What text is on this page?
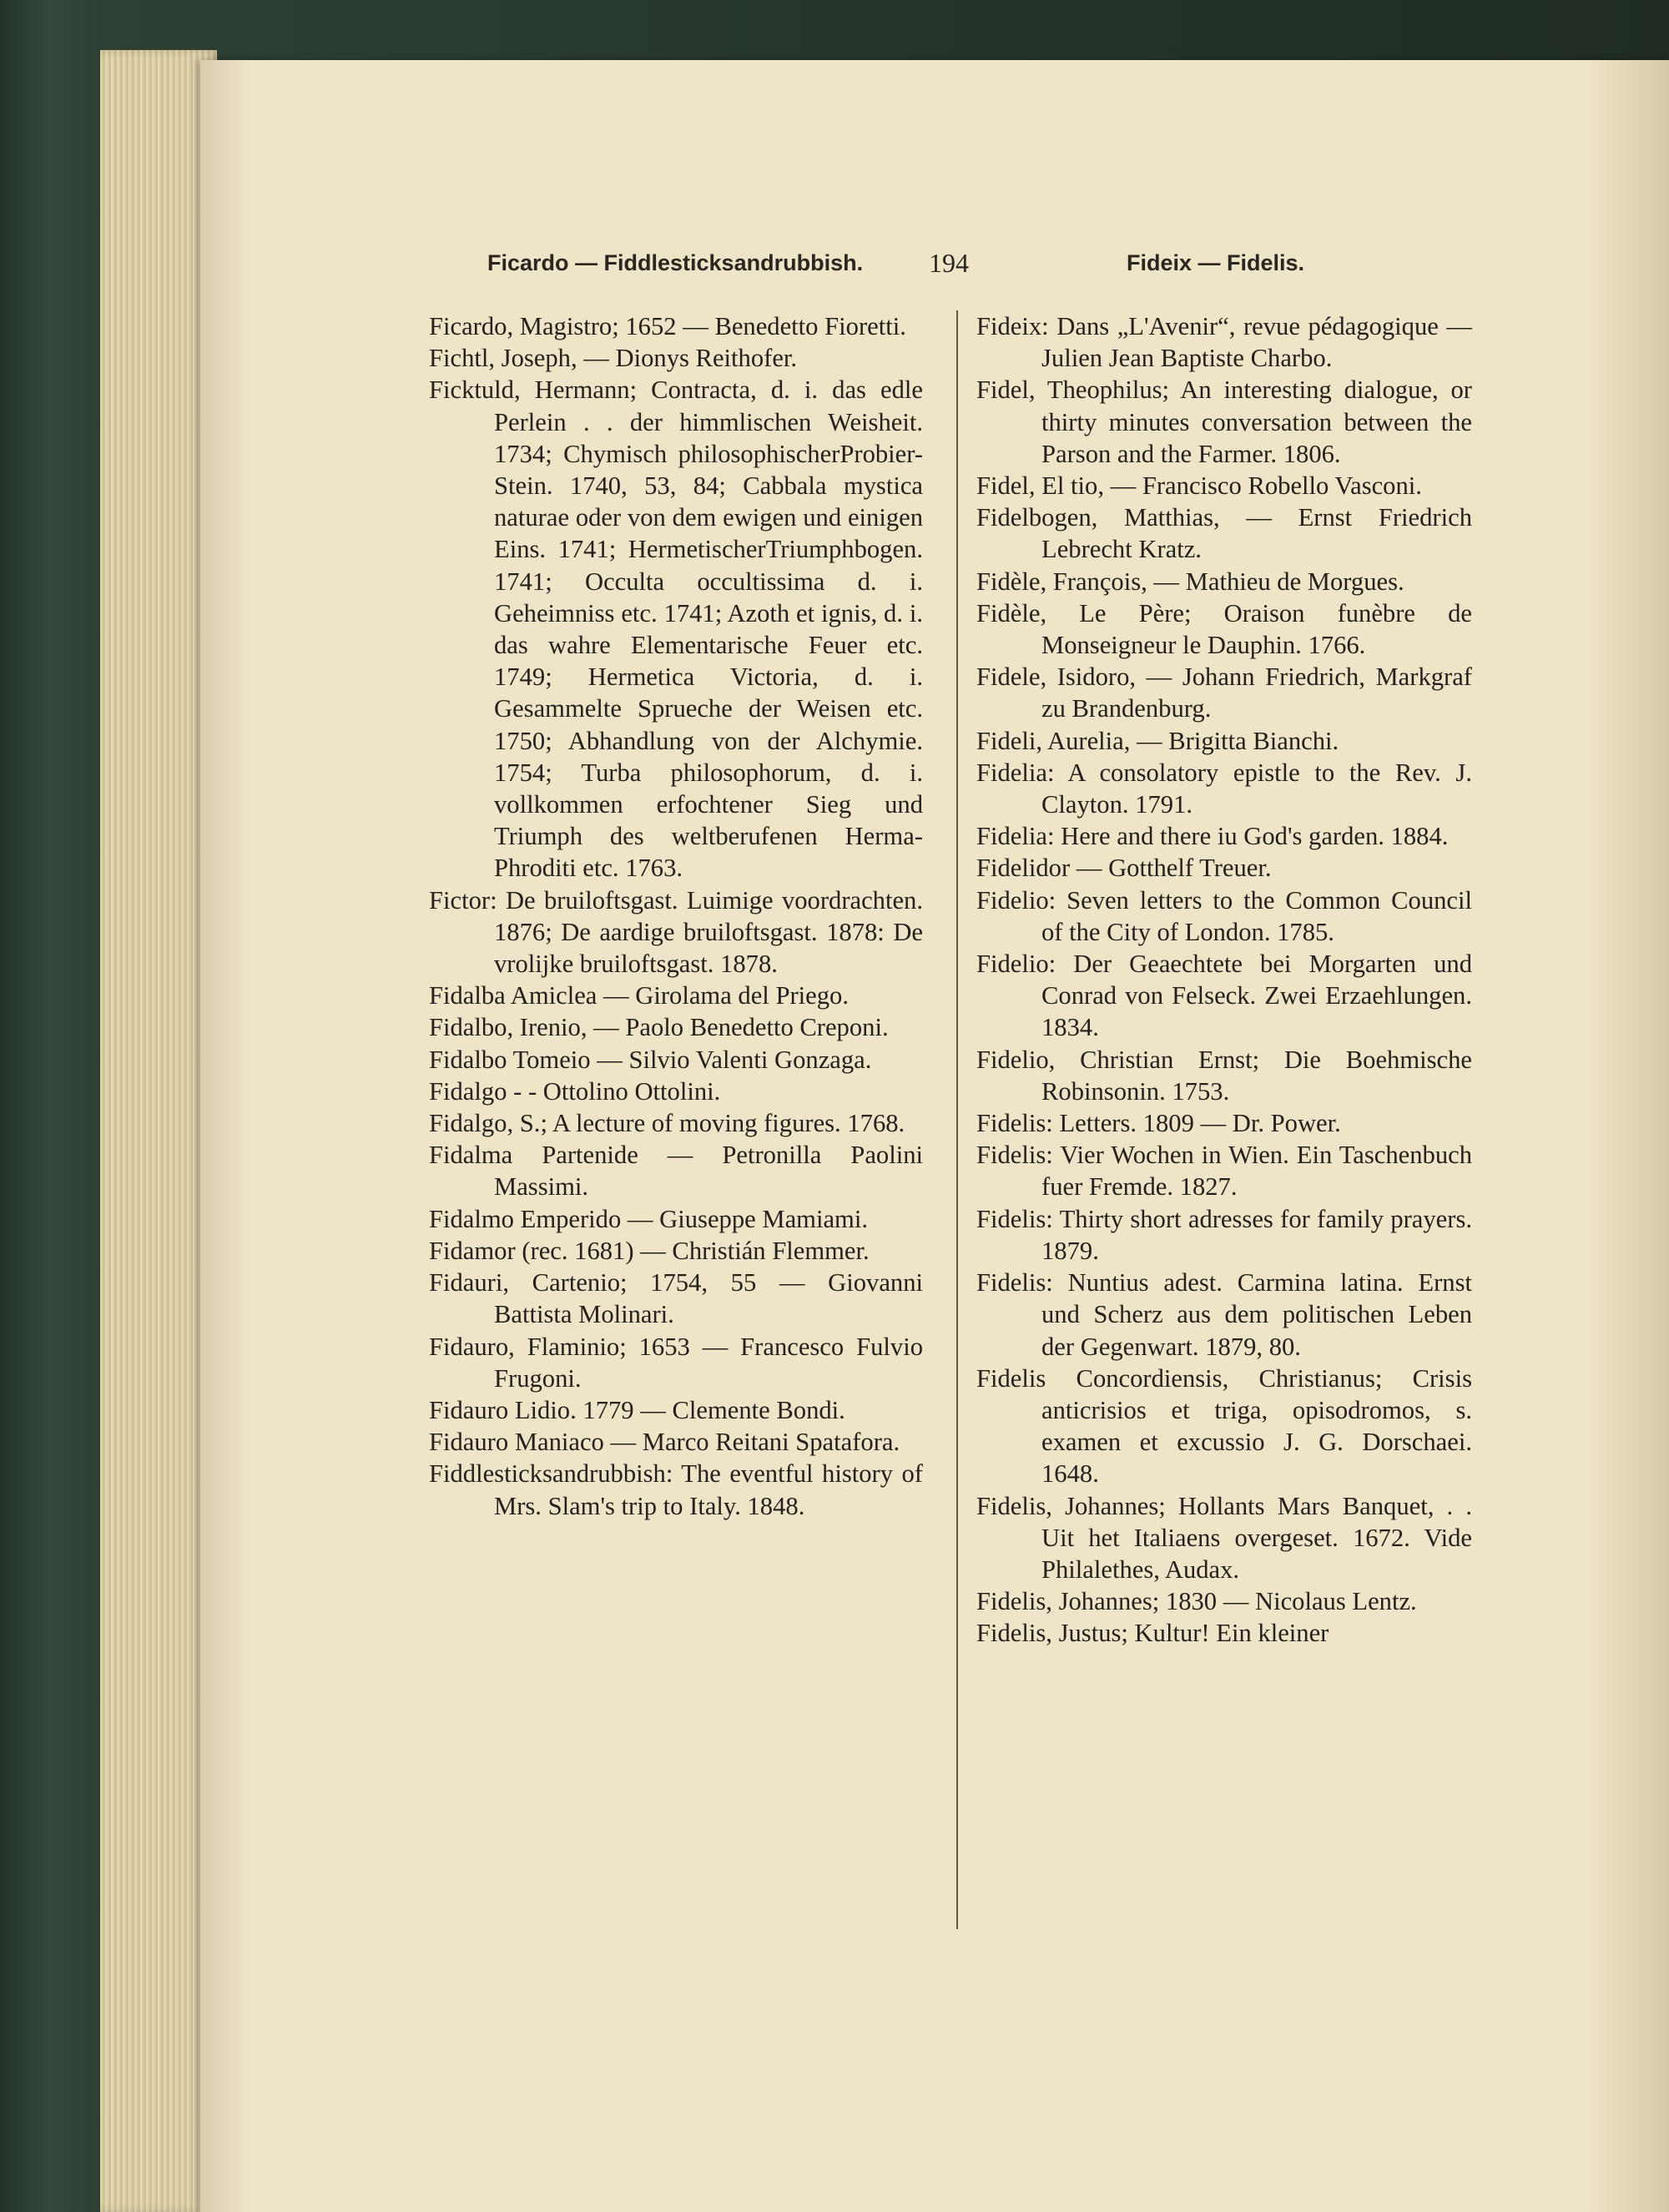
Ficardo — Fiddlesticksandrubbish. 194	Fideix — Fidelis.

Ficardo, Magistro; 1652 — Benedetto Fioretti.

Fichtl, Joseph, — Dionys Reithofer.

Ficktuld, Hermann; Contracta, d. i. das edle Perlein . . der himmlischen Weisheit. 1734; Chymisch philosophischerProbier-Stein. 1740, 53, 84; Cabbala mystica naturae oder von dem ewigen und einigen Eins. 1741; HermetischerTriumphbogen. 1741; Occulta occultissima d. i. Geheimniss etc. 1741; Azoth et ignis, d. i. das wahre Elementarische Feuer etc. 1749; Hermetica Victoria, d. i. Gesammelte Sprueche der Weisen etc. 1750; Abhandlung von der Alchymie. 1754; Turba philosophorum, d. i. vollkommen erfochtener Sieg und Triumph des weltberufenen Herma-Phroditi etc. 1763.

Fictor: De bruiloftsgast. Luimige voordrachten. 1876; De aardige bruiloftsgast. 1878: De vrolijke bruiloftsgast. 1878.

Fidalba Amiclea — Girolama del Priego.

Fidalbo, Irenio, — Paolo Benedetto Creponi.

Fidalbo Tomeio — Silvio Valenti Gonzaga.

Fidalgo - - Ottolino Ottolini.

Fidalgo, S.; A lecture of moving figures. 1768.

Fidalma Partenide — Petronilla Paolini Massimi.

Fidalmo Emperido — Giuseppe Mamiami.

Fidamor (rec. 1681) — Christián Flemmer.

Fidauri, Cartenio; 1754, 55 — Giovanni Battista Molinari.

Fidauro, Flaminio; 1653 — Francesco Fulvio Frugoni.

Fidauro Lidio. 1779 — Clemente Bondi.

Fidauro Maniaco — Marco Reitani Spatafora.

Fiddlesticksandrubbish: The eventful history of Mrs. Slam's trip to Italy. 1848.

Fideix: Dans „L'Avenir“, revue pédagogique — Julien Jean Baptiste Charbo.

Fidel, Theophilus; An interesting dialogue, or thirty minutes conversation between the Parson and the Farmer. 1806.

Fidel, El tio, — Francisco Robello Vasconi.

Fidelbogen, Matthias, — Ernst Friedrich Lebrecht Kratz.

Fidèle, François, — Mathieu de Morgues.

Fidèle, Le Père; Oraison funèbre de Monseigneur le Dauphin. 1766.

Fidele, Isidoro, — Johann Friedrich, Markgraf zu Brandenburg.

Fideli, Aurelia, — Brigitta Bianchi.

Fidelia: A consolatory epistle to the Rev. J. Clayton. 1791.

Fidelia: Here and there iu God's garden. 1884.

Fidelidor — Gotthelf Treuer.

Fidelio: Seven letters to the Common Council of the City of London. 1785.

Fidelio: Der Geaechtete bei Morgarten und Conrad von Felseck. Zwei Erzaehlungen. 1834.

Fidelio, Christian Ernst; Die Boehmische Robinsonin. 1753.

Fidelis: Letters. 1809 — Dr. Power.

Fidelis: Vier Wochen in Wien. Ein Taschenbuch fuer Fremde. 1827.

Fidelis: Thirty short adresses for family prayers. 1879.

Fidelis: Nuntius adest. Carmina latina. Ernst und Scherz aus dem politischen Leben der Gegenwart. 1879, 80.

Fidelis Concordiensis, Christianus; Crisis anticrisios et triga, opisodromos, s. examen et excussio J. G. Dorschaei. 1648.

Fidelis, Johannes; Hollants Mars Banquet, . . Uit het Italiaens overgeset. 1672. Vide Philalethes, Audax.

Fidelis, Johannes; 1830 — Nicolaus Lentz.

Fidelis, Justus; Kultur! Ein kleiner
